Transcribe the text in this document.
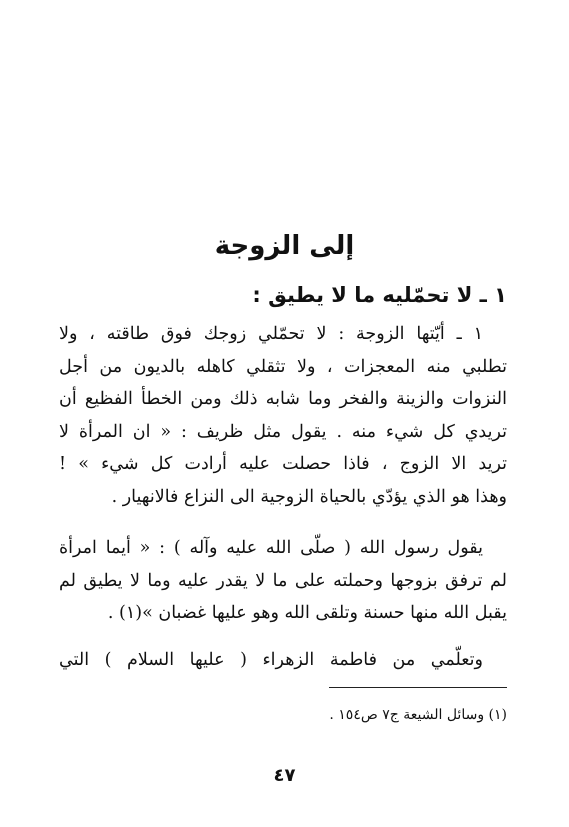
إلى الزوجة
١ ـ لا تحمّليه ما لا يطيق :
١ ـ أيّتها الزوجة : لا تحمّلي زوجك فوق طاقته ، ولا
تطلبي منه المعجزات ، ولا تثقلي كاهله بالديون من أجل
النزوات والزينة والفخر وما شابه ذلك ومن الخطأ الفظيع أن
تريدي كل شيء منه . يقول مثل ظريف : « ان المرأة لا
تريد الا الزوج ، فاذا حصلت عليه أرادت كل شيء » !
وهذا هو الذي يؤدّي بالحياة الزوجية الى النزاع فالانهيار .
يقول رسول الله ( صلّى الله عليه وآله ) : « أيما امرأة
لم ترفق بزوجها وحملته على ما لا يقدر عليه وما لا يطيق لم
يقبل الله منها حسنة وتلقى الله وهو عليها غضبان »(١) .
وتعلّمي من فاطمة الزهراء ( عليها السلام ) التي
(١) وسائل الشيعة ج٧ ص١٥٤ .
٤٧
